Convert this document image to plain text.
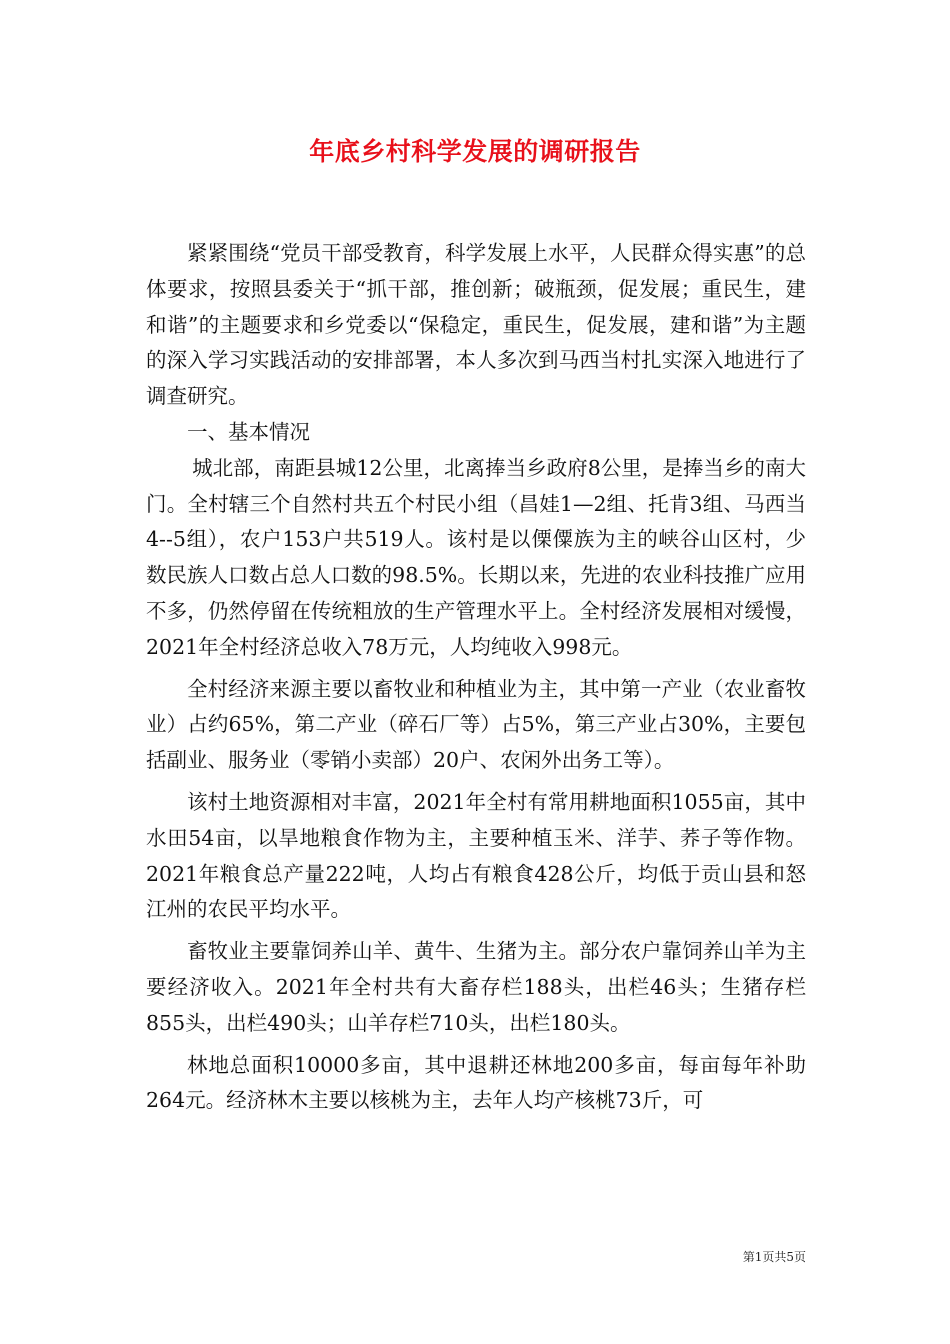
年底乡村科学发展的调研报告

紧紧围绕“党员干部受教育，科学发展上水平，人民群众得实惠”的总体要求，按照县委关于“抓干部，推创新；破瓶颈，促发展；重民生，建和谐”的主题要求和乡党委以“保稳定，重民生，促发展，建和谐”为主题的深入学习实践活动的安排部署，本人多次到马西当村扎实深入地进行了调查研究。

一、基本情况

城北部，南距县城12公里，北离捧当乡政府8公里，是捧当乡的南大门。全村辖三个自然村共五个村民小组（昌娃1—2组、托肯3组、马西当4--5组），农户153户共519人。该村是以傈僳族为主的峡谷山区村，少数民族人口数占总人口数的98.5%。长期以来，先进的农业科技推广应用不多，仍然停留在传统粗放的生产管理水平上。全村经济发展相对缓慢，2021年全村经济总收入78万元，人均纯收入998元。

全村经济来源主要以畜牧业和种植业为主，其中第一产业（农业畜牧业）占约65%，第二产业（碎石厂等）占5%，第三产业占30%，主要包括副业、服务业（零销小卖部）20户、农闲外出务工等）。

该村土地资源相对丰富，2021年全村有常用耕地面积1055亩，其中水田54亩，以旱地粮食作物为主，主要种植玉米、洋芋、荞子等作物。2021年粮食总产量222吨，人均占有粮食428公斤，均低于贡山县和怒江州的农民平均水平。

畜牧业主要靠饲养山羊、黄牛、生猪为主。部分农户靠饲养山羊为主要经济收入。2021年全村共有大畜存栏188头，出栏46头；生猪存栏855头，出栏490头；山羊存栏710头，出栏180头。

林地总面积10000多亩，其中退耕还林地200多亩，每亩每年补助264元。经济林木主要以核桃为主，去年人均产核桃73斤，可

第1页共5页
